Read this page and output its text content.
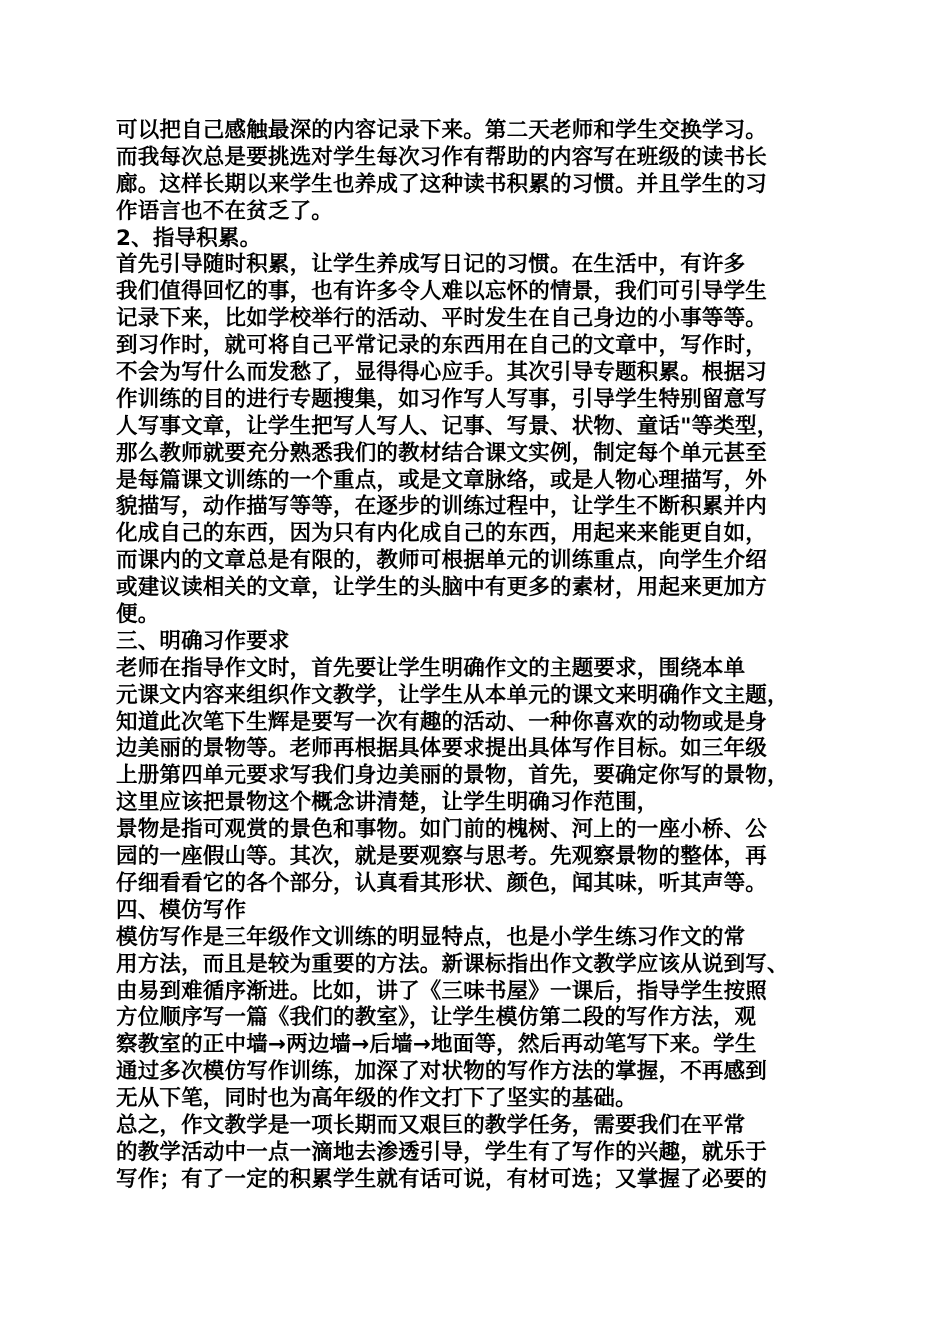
可以把自己感触最深的内容记录下来。第二天老师和学生交换学习。
而我每次总是要挑选对学生每次习作有帮助的内容写在班级的读书长
廊。这样长期以来学生也养成了这种读书积累的习惯。并且学生的习
作语言也不在贫乏了。
2、指导积累。
首先引导随时积累，让学生养成写日记的习惯。在生活中，有许多
我们值得回忆的事，也有许多令人难以忘怀的情景，我们可引导学生
记录下来，比如学校举行的活动、平时发生在自己身边的小事等等。
到习作时，就可将自己平常记录的东西用在自己的文章中，写作时，
不会为写什么而发愁了，显得得心应手。其次引导专题积累。根据习
作训练的目的进行专题搜集，如习作写人写事，引导学生特别留意写
人写事文章，让学生把写人写人、记事、写景、状物、童话"等类型，
那么教师就要充分熟悉我们的教材结合课文实例，制定每个单元甚至
是每篇课文训练的一个重点，或是文章脉络，或是人物心理描写，外
貌描写，动作描写等等，在逐步的训练过程中，让学生不断积累并内
化成自己的东西，因为只有内化成自己的东西，用起来来能更自如，
而课内的文章总是有限的，教师可根据单元的训练重点，向学生介绍
或建议读相关的文章，让学生的头脑中有更多的素材，用起来更加方
便。
三、明确习作要求
老师在指导作文时，首先要让学生明确作文的主题要求，围绕本单
元课文内容来组织作文教学，让学生从本单元的课文来明确作文主题，
知道此次笔下生辉是要写一次有趣的活动、一种你喜欢的动物或是身
边美丽的景物等。老师再根据具体要求提出具体写作目标。如三年级
上册第四单元要求写我们身边美丽的景物，首先，要确定你写的景物，
这里应该把景物这个概念讲清楚，让学生明确习作范围，
景物是指可观赏的景色和事物。如门前的槐树、河上的一座小桥、公
园的一座假山等。其次，就是要观察与思考。先观察景物的整体，再
仔细看看它的各个部分，认真看其形状、颜色，闻其味，听其声等。
四、模仿写作
模仿写作是三年级作文训练的明显特点，也是小学生练习作文的常
用方法，而且是较为重要的方法。新课标指出作文教学应该从说到写、
由易到难循序渐进。比如，讲了《三味书屋》一课后，指导学生按照
方位顺序写一篇《我们的教室》，让学生模仿第二段的写作方法，观
察教室的正中墙→两边墙→后墙→地面等，然后再动笔写下来。学生
通过多次模仿写作训练，加深了对状物的写作方法的掌握，不再感到
无从下笔，同时也为高年级的作文打下了坚实的基础。
总之，作文教学是一项长期而又艰巨的教学任务，需要我们在平常
的教学活动中一点一滴地去渗透引导，学生有了写作的兴趣，就乐于
写作；有了一定的积累学生就有话可说，有材可选；又掌握了必要的
